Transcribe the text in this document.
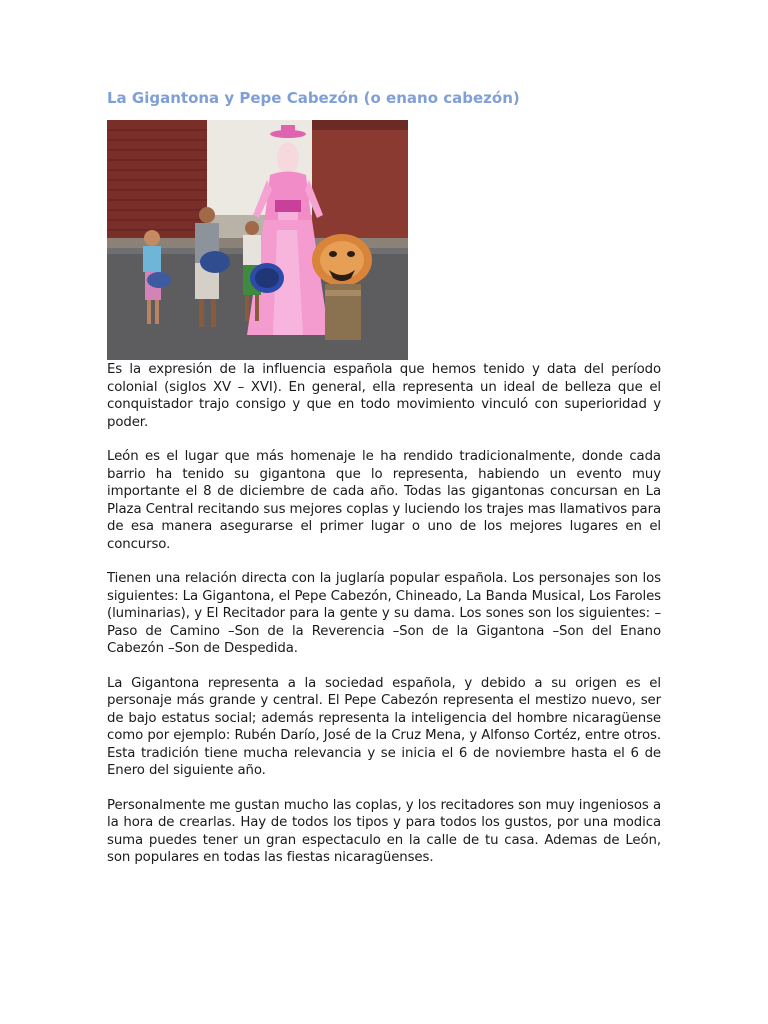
La Gigantona y Pepe Cabezón (o enano cabezón)

Es la expresión de la influencia española que hemos tenido y data del período colonial (siglos XV – XVI). En general, ella representa un ideal de belleza que el conquistador trajo consigo y que en todo movimiento vinculó con superioridad y poder.

León es el lugar que más homenaje le ha rendido tradicionalmente, donde cada barrio ha tenido su gigantona que lo representa, habiendo un evento muy importante el 8 de diciembre de cada año. Todas las gigantonas concursan en La Plaza Central recitando sus mejores coplas y luciendo los trajes mas llamativos para de esa manera asegurarse el primer lugar o uno de los mejores lugares en el concurso.

Tienen una relación directa con la juglaría popular española. Los personajes son los siguientes: La Gigantona, el Pepe Cabezón, Chineado, La Banda Musical, Los Faroles (luminarias), y El Recitador para la gente y su dama. Los sones son los siguientes: –Paso de Camino –Son de la Reverencia –Son de la Gigantona –Son del Enano Cabezón –Son de Despedida.

La Gigantona representa a la sociedad española, y debido a su origen es el personaje más grande y central. El Pepe Cabezón representa el mestizo nuevo, ser de bajo estatus social; además representa la inteligencia del hombre nicaragüense como por ejemplo: Rubén Darío, José de la Cruz Mena, y Alfonso Cortéz, entre otros. Esta tradición tiene mucha relevancia y se inicia el 6 de noviembre hasta el 6 de Enero del siguiente año.

Personalmente me gustan mucho las coplas, y los recitadores son muy ingeniosos a la hora de crearlas. Hay de todos los tipos y para todos los gustos, por una modica suma puedes tener un gran espectaculo en la calle de tu casa. Ademas de León, son populares en todas las fiestas nicaragüenses.
